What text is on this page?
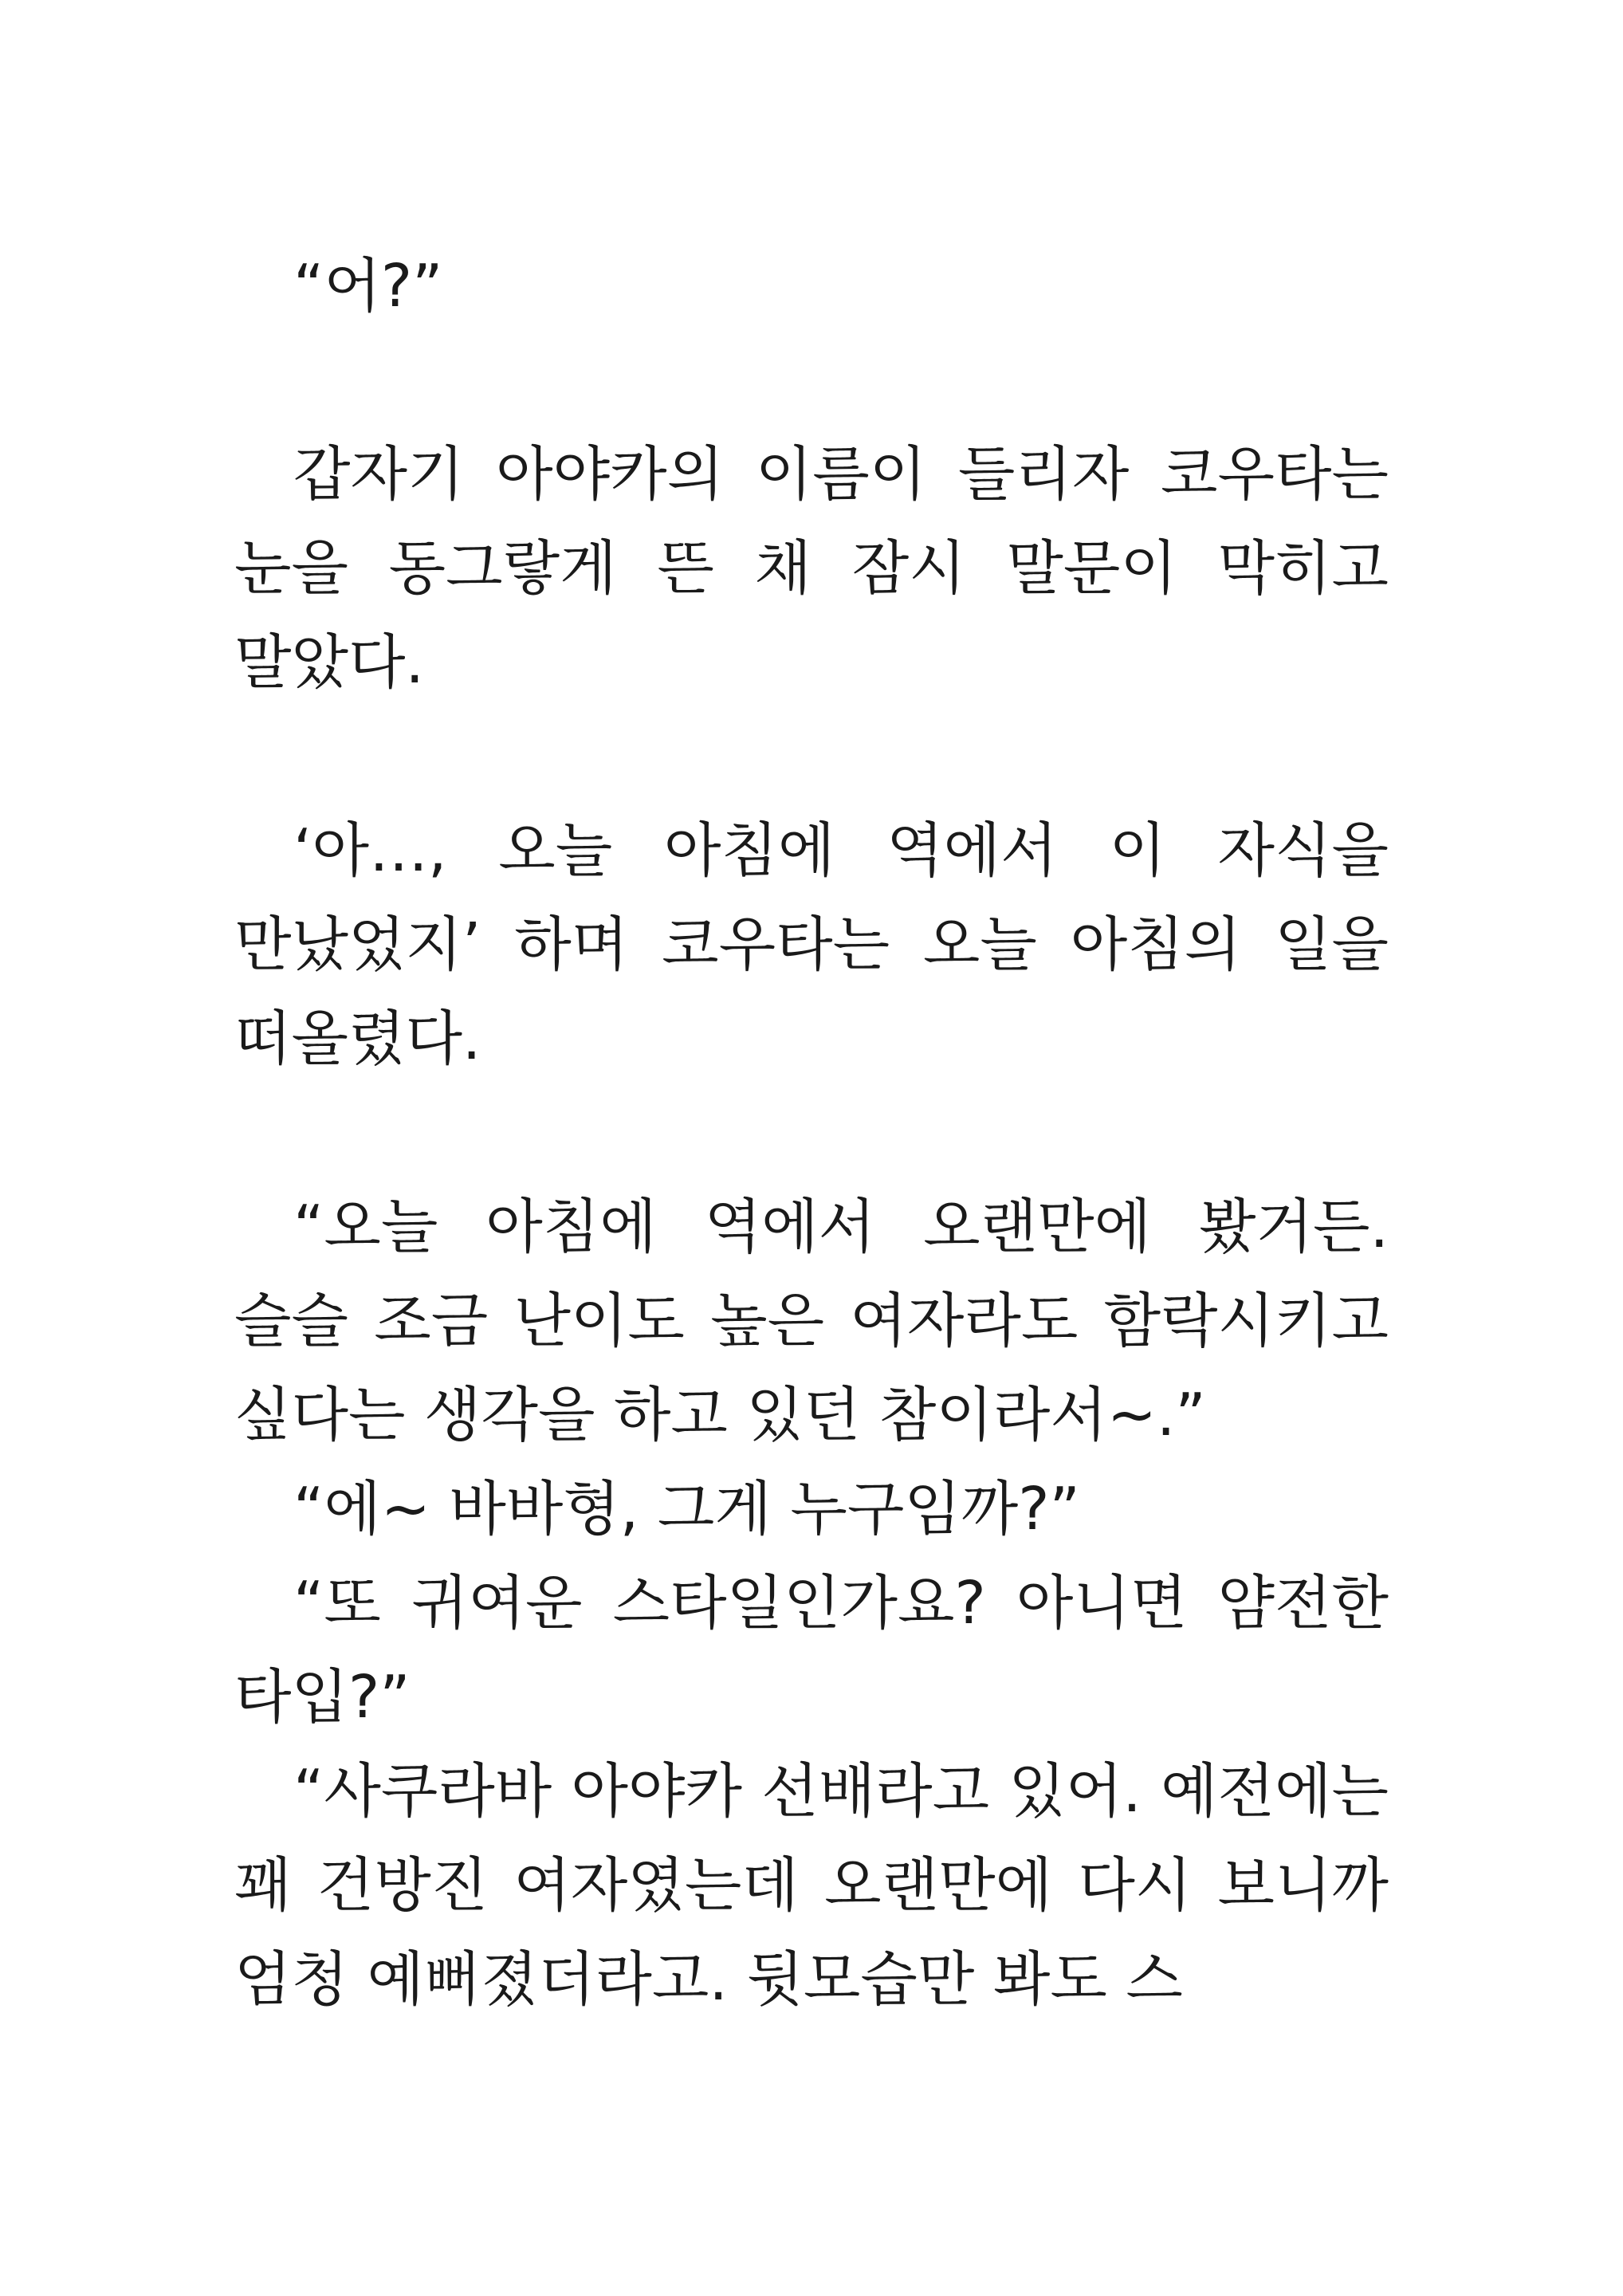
“어?”

갑자기 아야카의 이름이 들리자 코우타는 눈을 동그랗게 뜬 채 잠시 말문이 막히고 말았다.

‘아…, 오늘 아침에 역에서 이 자식을 만났었지’ 하며 코우타는 오늘 아침의 일을 떠올렸다.

“오늘 아침에 역에서 오랜만에 봤거든. 슬슬 조금 난이도 높은 여자라도 함락시키고 싶다는 생각을 하고 있던 참이라서~.”

“에~ 바바형, 그게 누구임까?”

“또 귀여운 스타일인가요? 아니면 얌전한 타입?”

“사쿠라바 아야카 선배라고 있어. 예전에는 꽤 건방진 여자였는데 오랜만에 다시 보니까 엄청 예뻐졌더라고. 뒷모습만 봐도 스
